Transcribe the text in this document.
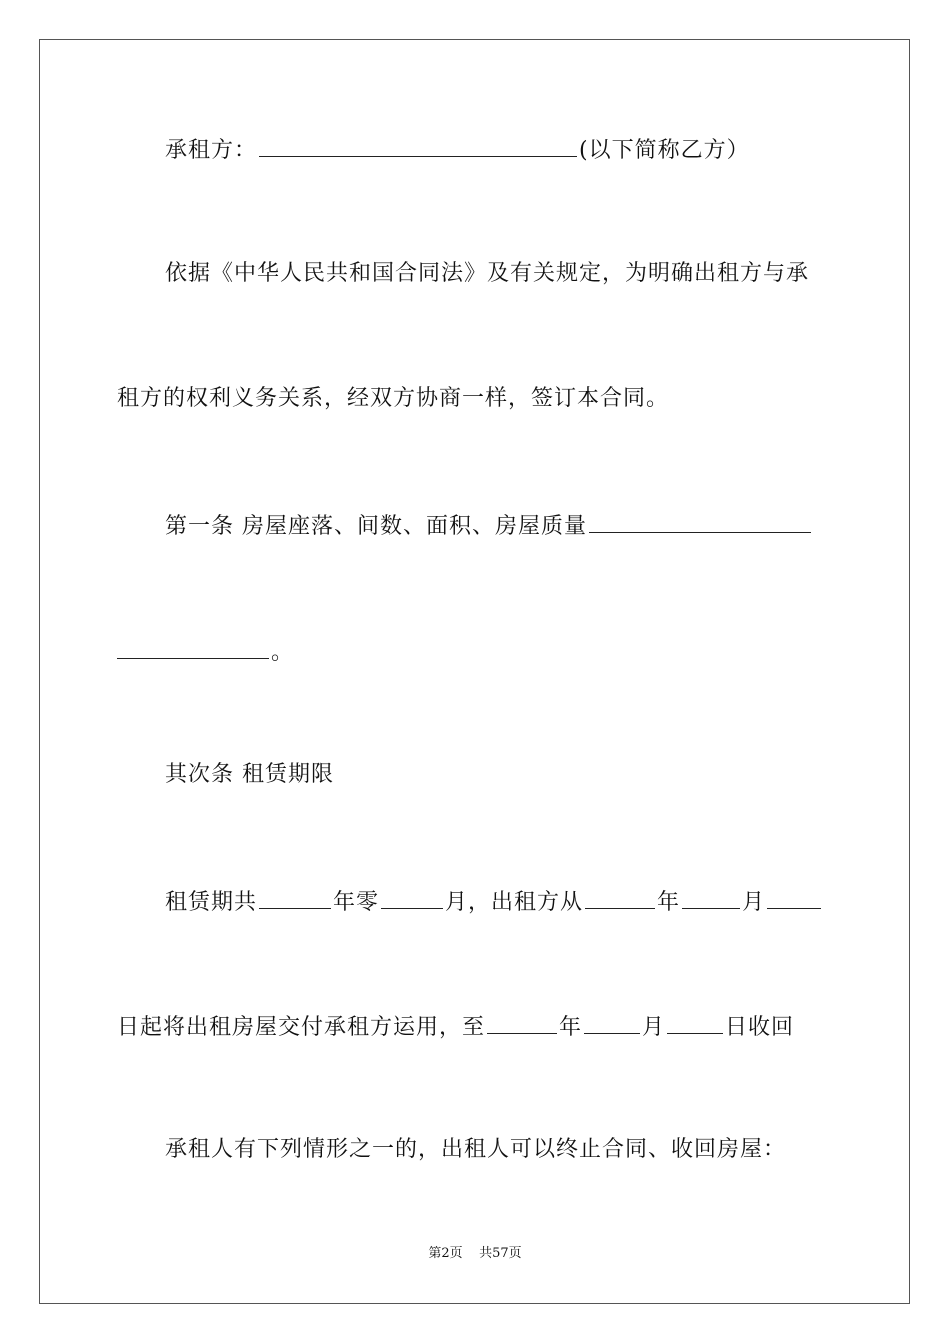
承租方：	(以下简称乙方）
依据《中华人民共和国合同法》及有关规定，为明确出租方与承
租方的权利义务关系，经双方协商一样，签订本合同。
第一条 房屋座落、间数、面积、房屋质量
。
其次条 租赁期限
租赁期共	年零	月，出租方从	年	月
日起将出租房屋交付承租方运用，至	年	月	日收回
承租人有下列情形之一的，出租人可以终止合同、收回房屋：
第2页 共57页
